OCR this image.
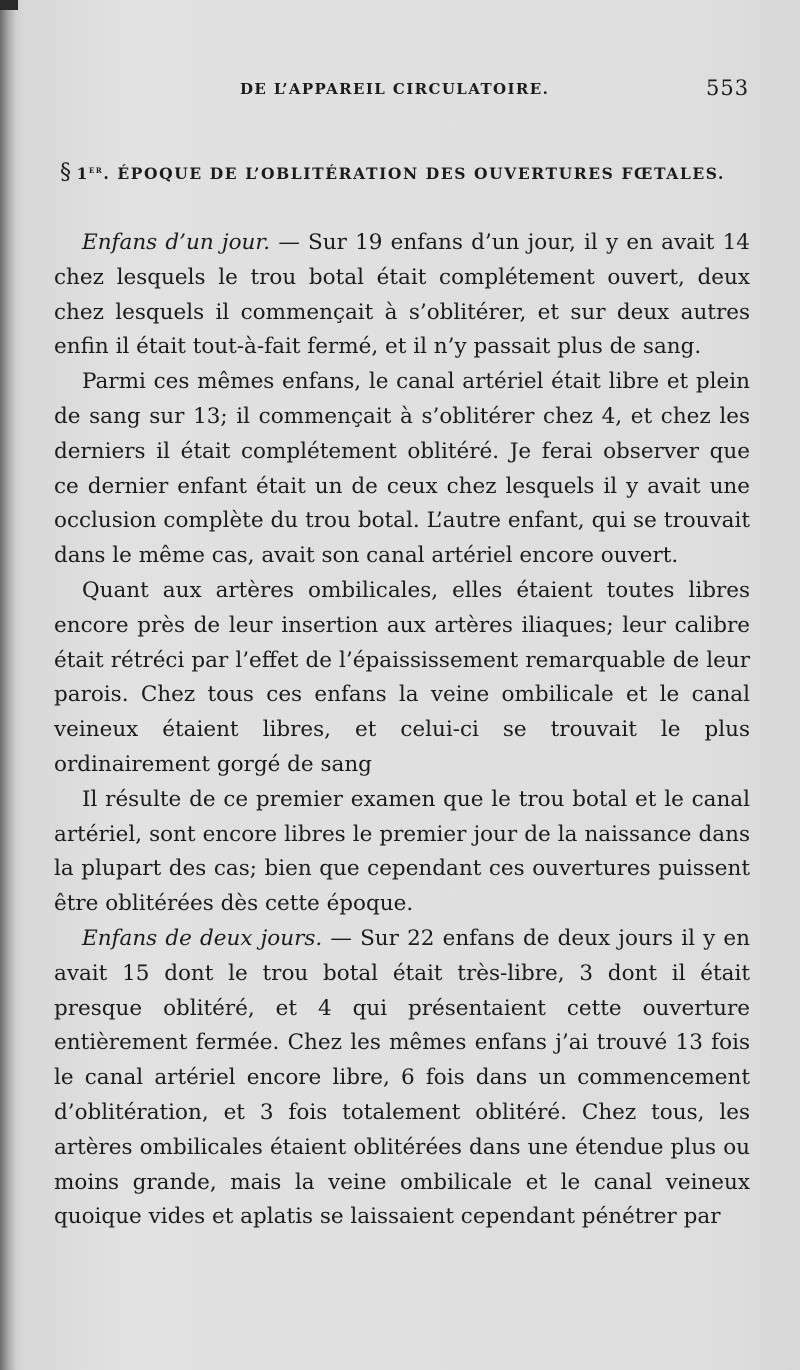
DE L’APPAREIL CIRCULATOIRE.	553
§ 1er. ÉPOQUE DE L’OBLITÉRATION DES OUVERTURES FŒTALES.

Enfans d’un jour. — Sur 19 enfans d’un jour, il y en avait 14 chez lesquels le trou botal était complétement ouvert, deux chez lesquels il commençait à s’oblitérer, et sur deux autres enfin il était tout-à-fait fermé, et il n’y passait plus de sang.

Parmi ces mêmes enfans, le canal artériel était libre et plein de sang sur 13; il commençait à s’oblitérer chez 4, et chez les derniers il était complétement oblitéré. Je ferai observer que ce dernier enfant était un de ceux chez lesquels il y avait une occlusion complète du trou botal. L’autre enfant, qui se trouvait dans le même cas, avait son canal artériel encore ouvert.

Quant aux artères ombilicales, elles étaient toutes libres encore près de leur insertion aux artères iliaques; leur calibre était rétréci par l’effet de l’épaississement remarquable de leur parois. Chez tous ces enfans la veine ombilicale et le canal veineux étaient libres, et celui-ci se trouvait le plus ordinairement gorgé de sang

Il résulte de ce premier examen que le trou botal et le canal artériel, sont encore libres le premier jour de la naissance dans la plupart des cas; bien que cependant ces ouvertures puissent être oblitérées dès cette époque.

Enfans de deux jours. — Sur 22 enfans de deux jours il y en avait 15 dont le trou botal était très-libre, 3 dont il était presque oblitéré, et 4 qui présentaient cette ouverture entièrement fermée. Chez les mêmes enfans j’ai trouvé 13 fois le canal artériel encore libre, 6 fois dans un commencement d’oblitération, et 3 fois totalement oblitéré. Chez tous, les artères ombilicales étaient oblitérées dans une étendue plus ou moins grande, mais la veine ombilicale et le canal veineux quoique vides et aplatis se laissaient cependant pénétrer par
